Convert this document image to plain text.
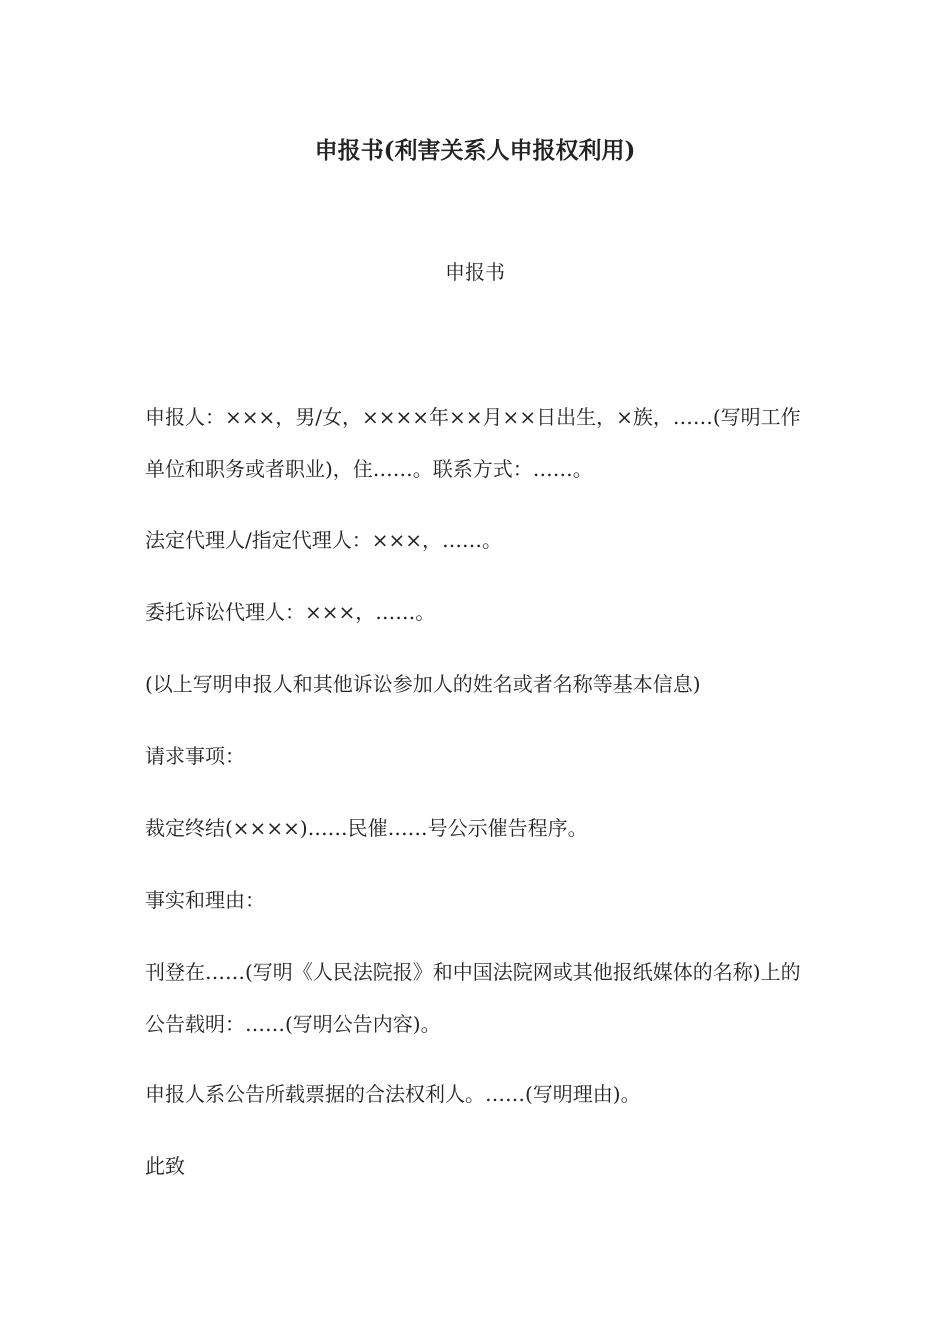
申报书(利害关系人申报权利用)
申报书

申报人：×××，男/女，××××年××月××日出生，×族，……(写明工作单位和职务或者职业)，住……。联系方式：……。

法定代理人/指定代理人：×××，……。

委托诉讼代理人：×××，……。

(以上写明申报人和其他诉讼参加人的姓名或者名称等基本信息)

请求事项：

裁定终结(××××)……民催……号公示催告程序。

事实和理由：

刊登在……(写明《人民法院报》和中国法院网或其他报纸媒体的名称)上的公告载明：……(写明公告内容)。

申报人系公告所载票据的合法权利人。……(写明理由)。

此致
